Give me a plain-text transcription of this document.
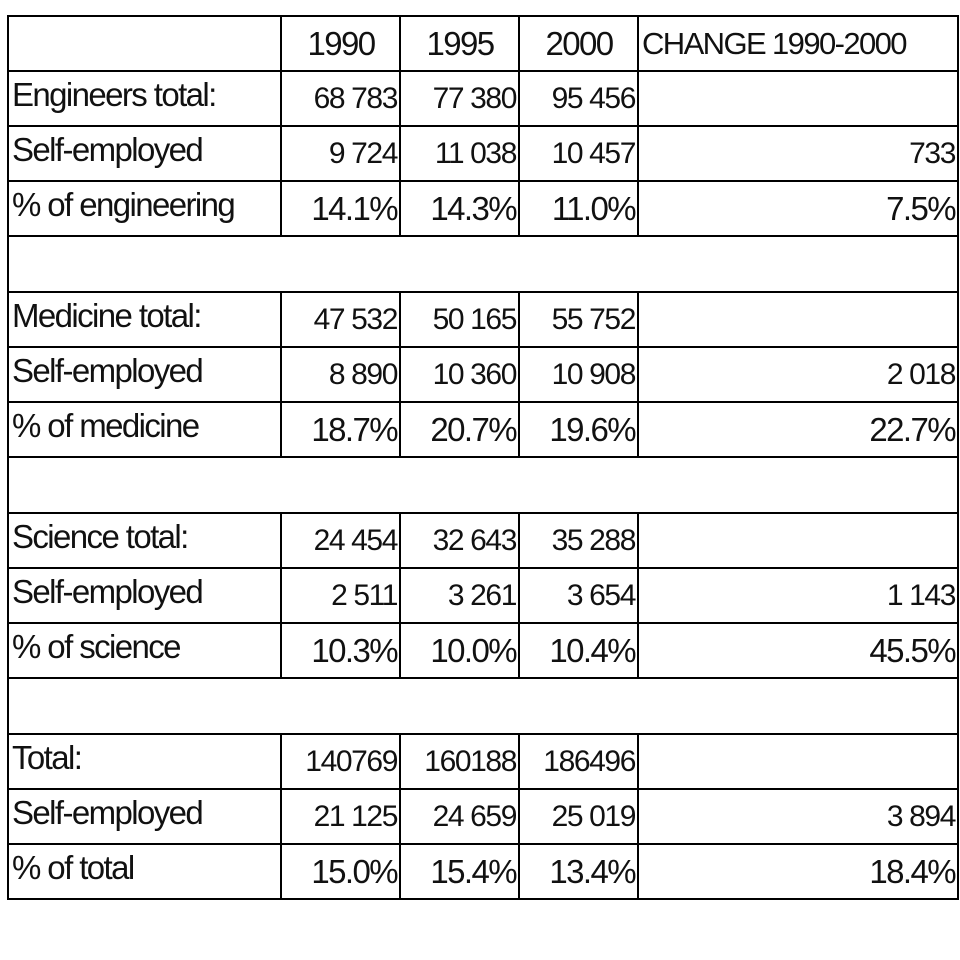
	1990	1995	2000	CHANGE 1990-2000
Engineers total:	68 783	77 380	95 456	
Self-employed	9 724	11 038	10 457	733
% of engineering	14.1%	14.3%	11.0%	7.5%

Medicine total:	47 532	50 165	55 752	
Self-employed	8 890	10 360	10 908	2 018
% of medicine	18.7%	20.7%	19.6%	22.7%

Science total:	24 454	32 643	35 288	
Self-employed	2 511	3 261	3 654	1 143
% of science	10.3%	10.0%	10.4%	45.5%

Total:	140769	160188	186496	
Self-employed	21 125	24 659	25 019	3 894
% of total	15.0%	15.4%	13.4%	18.4%
